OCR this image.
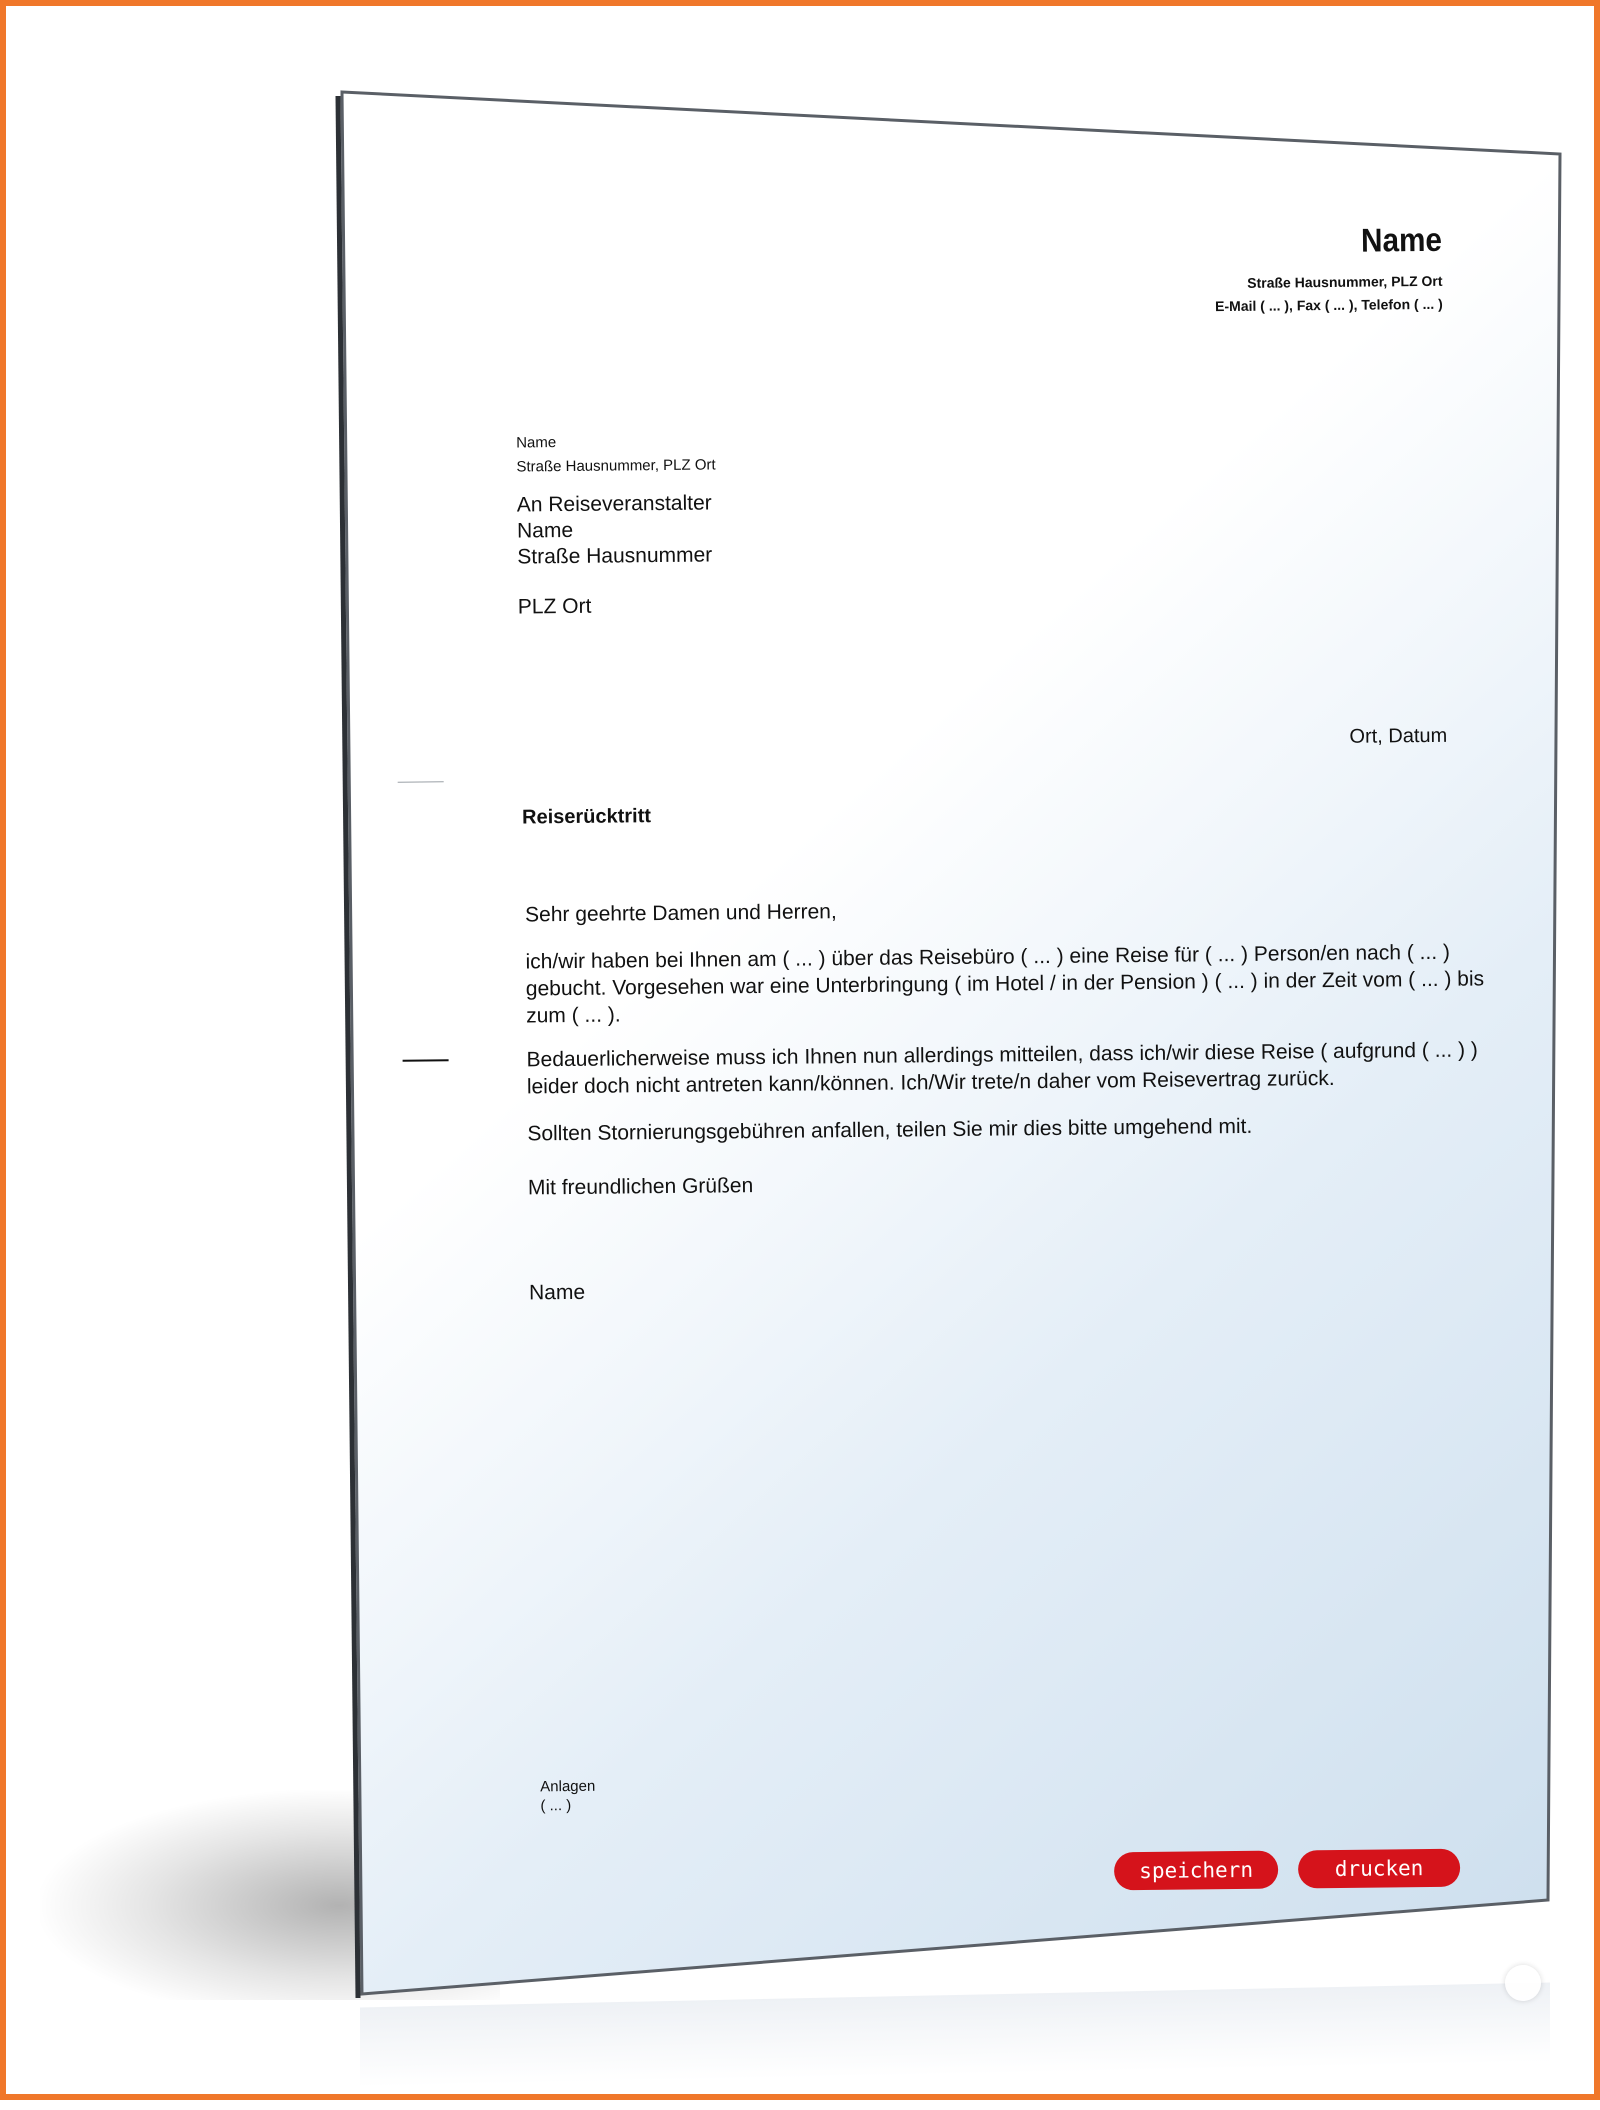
Name
Straße Hausnummer, PLZ Ort
E-Mail ( ... ), Fax ( ... ), Telefon ( ... )
Name
Straße Hausnummer, PLZ Ort
An Reiseveranstalter
Name
Straße Hausnummer
PLZ Ort
Ort, Datum
Reiserücktritt
Sehr geehrte Damen und Herren,
ich/wir haben bei Ihnen am ( ... ) über das Reisebüro ( ... ) eine Reise für ( ... ) Person/en nach ( ... )
gebucht. Vorgesehen war eine Unterbringung ( im Hotel / in der Pension ) ( ... ) in der Zeit vom ( ... ) bis
zum ( ... ).
Bedauerlicherweise muss ich Ihnen nun allerdings mitteilen, dass ich/wir diese Reise ( aufgrund ( ... ) )
leider doch nicht antreten kann/können. Ich/Wir trete/n daher vom Reisevertrag zurück.
Sollten Stornierungsgebühren anfallen, teilen Sie mir dies bitte umgehend mit.
Mit freundlichen Grüßen
Name
Anlagen
( ... )
speichern	drucken
